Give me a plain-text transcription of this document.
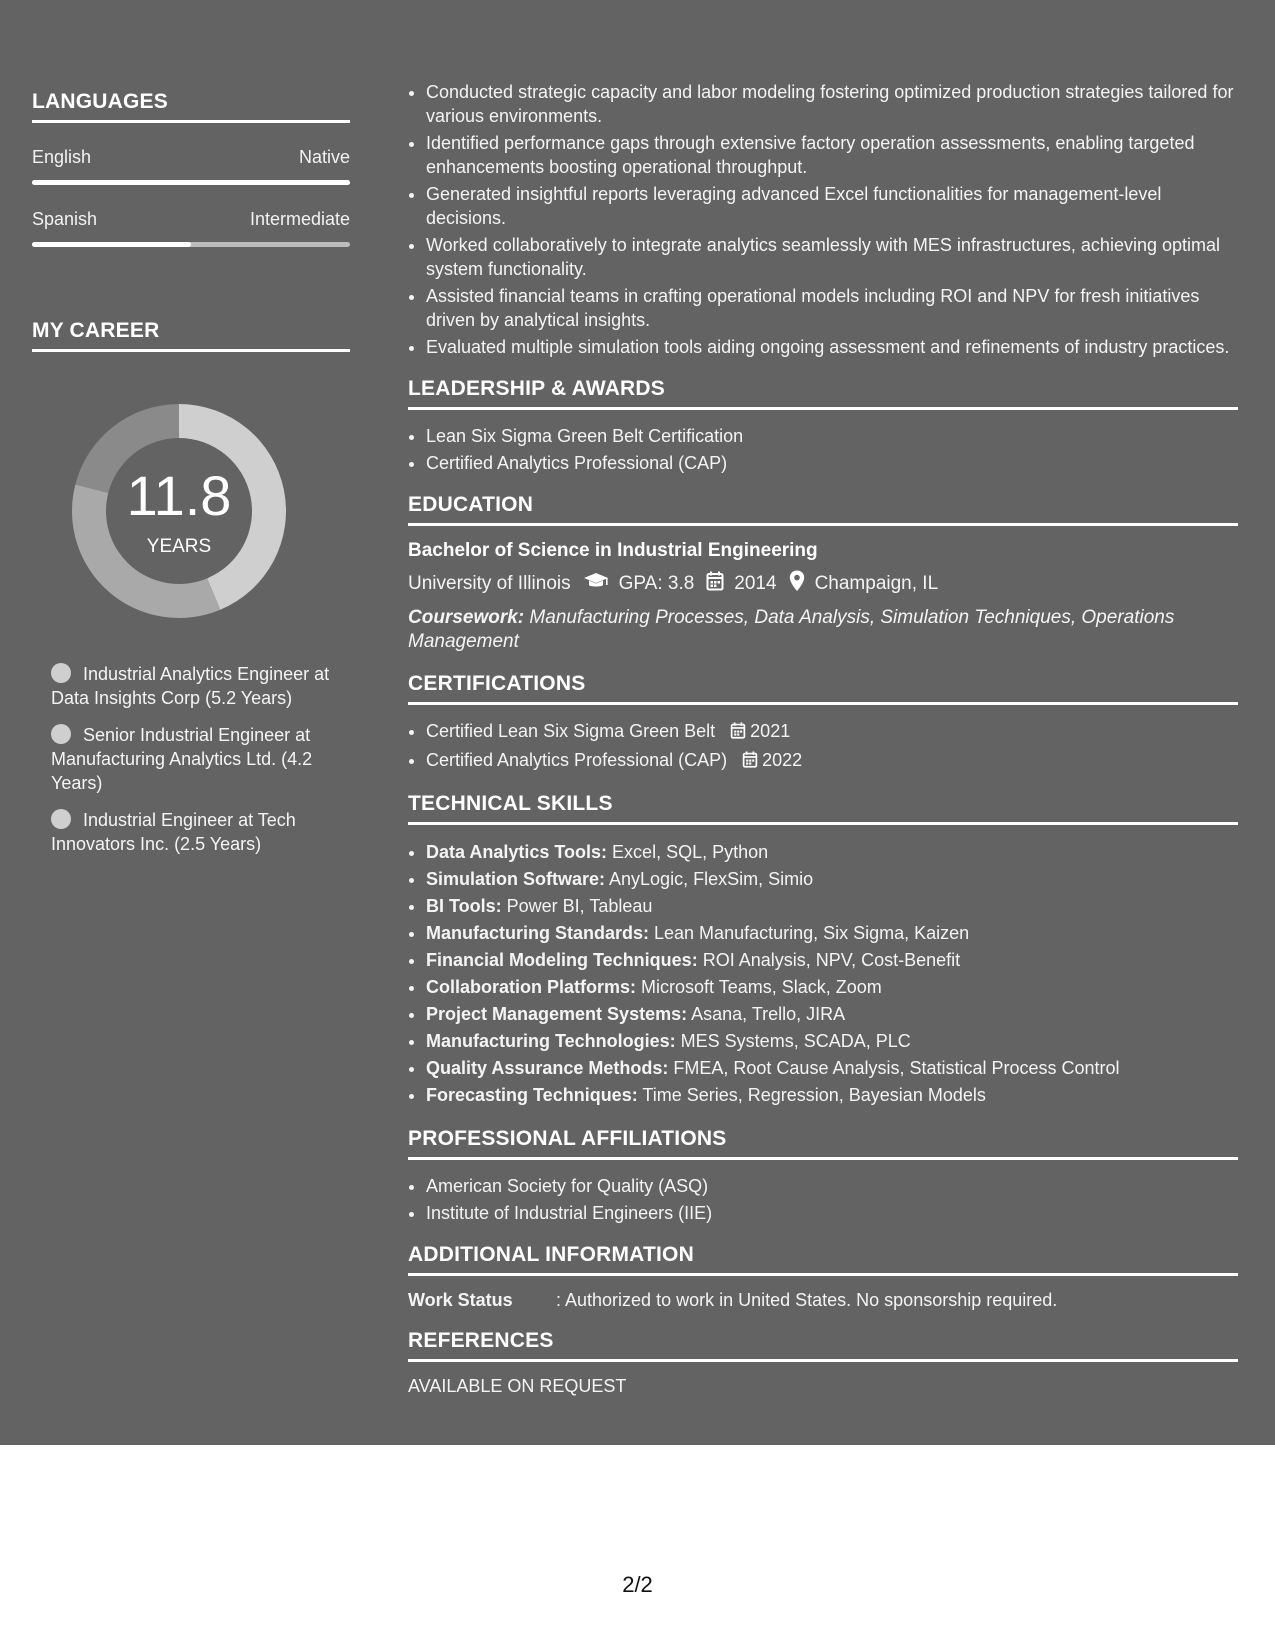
LANGUAGES
English	Native
Spanish	Intermediate
MY CAREER
11.8
YEARS
Industrial Analytics Engineer at Data Insights Corp (5.2 Years)
Senior Industrial Engineer at Manufacturing Analytics Ltd. (4.2 Years)
Industrial Engineer at Tech Innovators Inc. (2.5 Years)
• Conducted strategic capacity and labor modeling fostering optimized production strategies tailored for various environments.
• Identified performance gaps through extensive factory operation assessments, enabling targeted enhancements boosting operational throughput.
• Generated insightful reports leveraging advanced Excel functionalities for management-level decisions.
• Worked collaboratively to integrate analytics seamlessly with MES infrastructures, achieving optimal system functionality.
• Assisted financial teams in crafting operational models including ROI and NPV for fresh initiatives driven by analytical insights.
• Evaluated multiple simulation tools aiding ongoing assessment and refinements of industry practices.
LEADERSHIP & AWARDS
• Lean Six Sigma Green Belt Certification
• Certified Analytics Professional (CAP)
EDUCATION
Bachelor of Science in Industrial Engineering
University of Illinois	GPA: 3.8 2014 Champaign, IL
Coursework: Manufacturing Processes, Data Analysis, Simulation Techniques, Operations Management
CERTIFICATIONS
• Certified Lean Six Sigma Green Belt 2021
• Certified Analytics Professional (CAP) 2022
TECHNICAL SKILLS
• Data Analytics Tools: Excel, SQL, Python
• Simulation Software: AnyLogic, FlexSim, Simio
• BI Tools: Power BI, Tableau
• Manufacturing Standards: Lean Manufacturing, Six Sigma, Kaizen
• Financial Modeling Techniques: ROI Analysis, NPV, Cost-Benefit
• Collaboration Platforms: Microsoft Teams, Slack, Zoom
• Project Management Systems: Asana, Trello, JIRA
• Manufacturing Technologies: MES Systems, SCADA, PLC
• Quality Assurance Methods: FMEA, Root Cause Analysis, Statistical Process Control
• Forecasting Techniques: Time Series, Regression, Bayesian Models
PROFESSIONAL AFFILIATIONS
• American Society for Quality (ASQ)
• Institute of Industrial Engineers (IIE)
ADDITIONAL INFORMATION
Work Status	: Authorized to work in United States. No sponsorship required.
REFERENCES
AVAILABLE ON REQUEST
2/2
